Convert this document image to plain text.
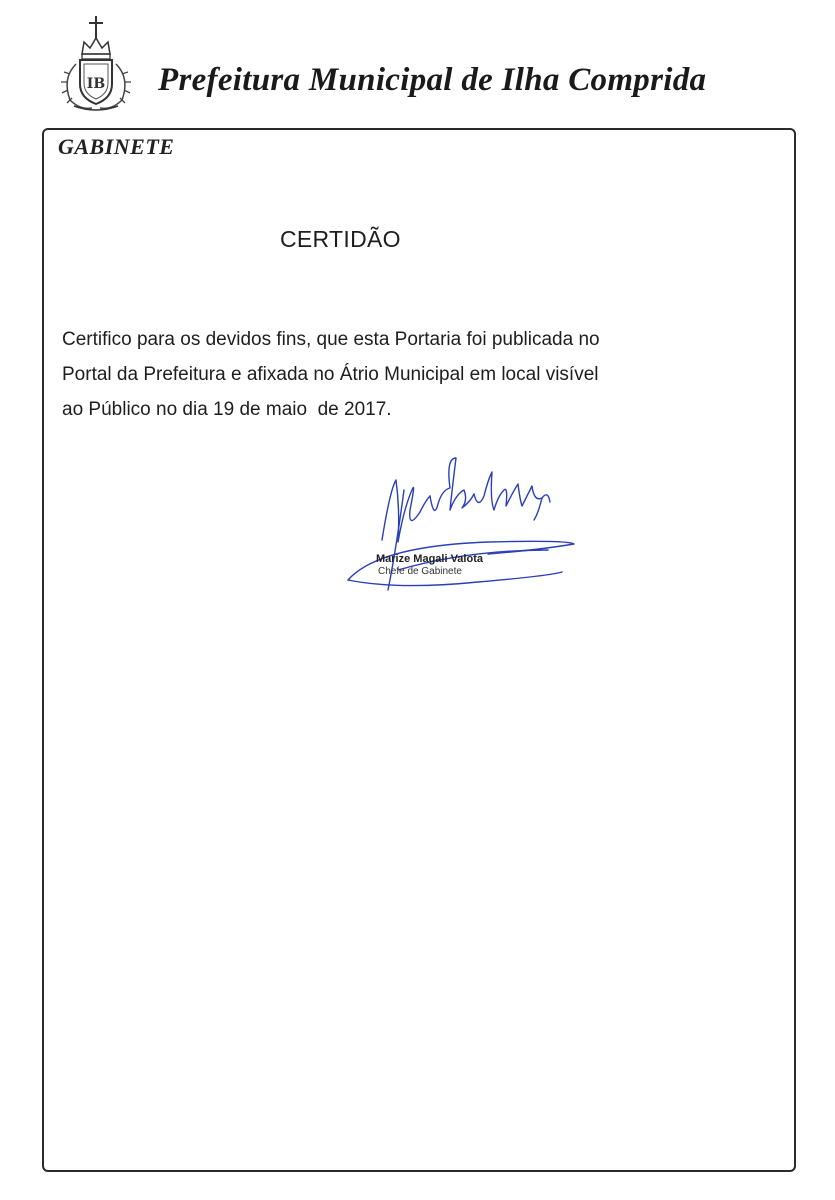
IB Prefeitura Municipal de Ilha Comprida
GABINETE
CERTIDÃO
Certifico para os devidos fins, que esta Portaria foi publicada no
Portal da Prefeitura e afixada no Átrio Municipal em local visível
ao Público no dia 19 de maio  de 2017.
Marize Magali Valota
Chefe de Gabinete
